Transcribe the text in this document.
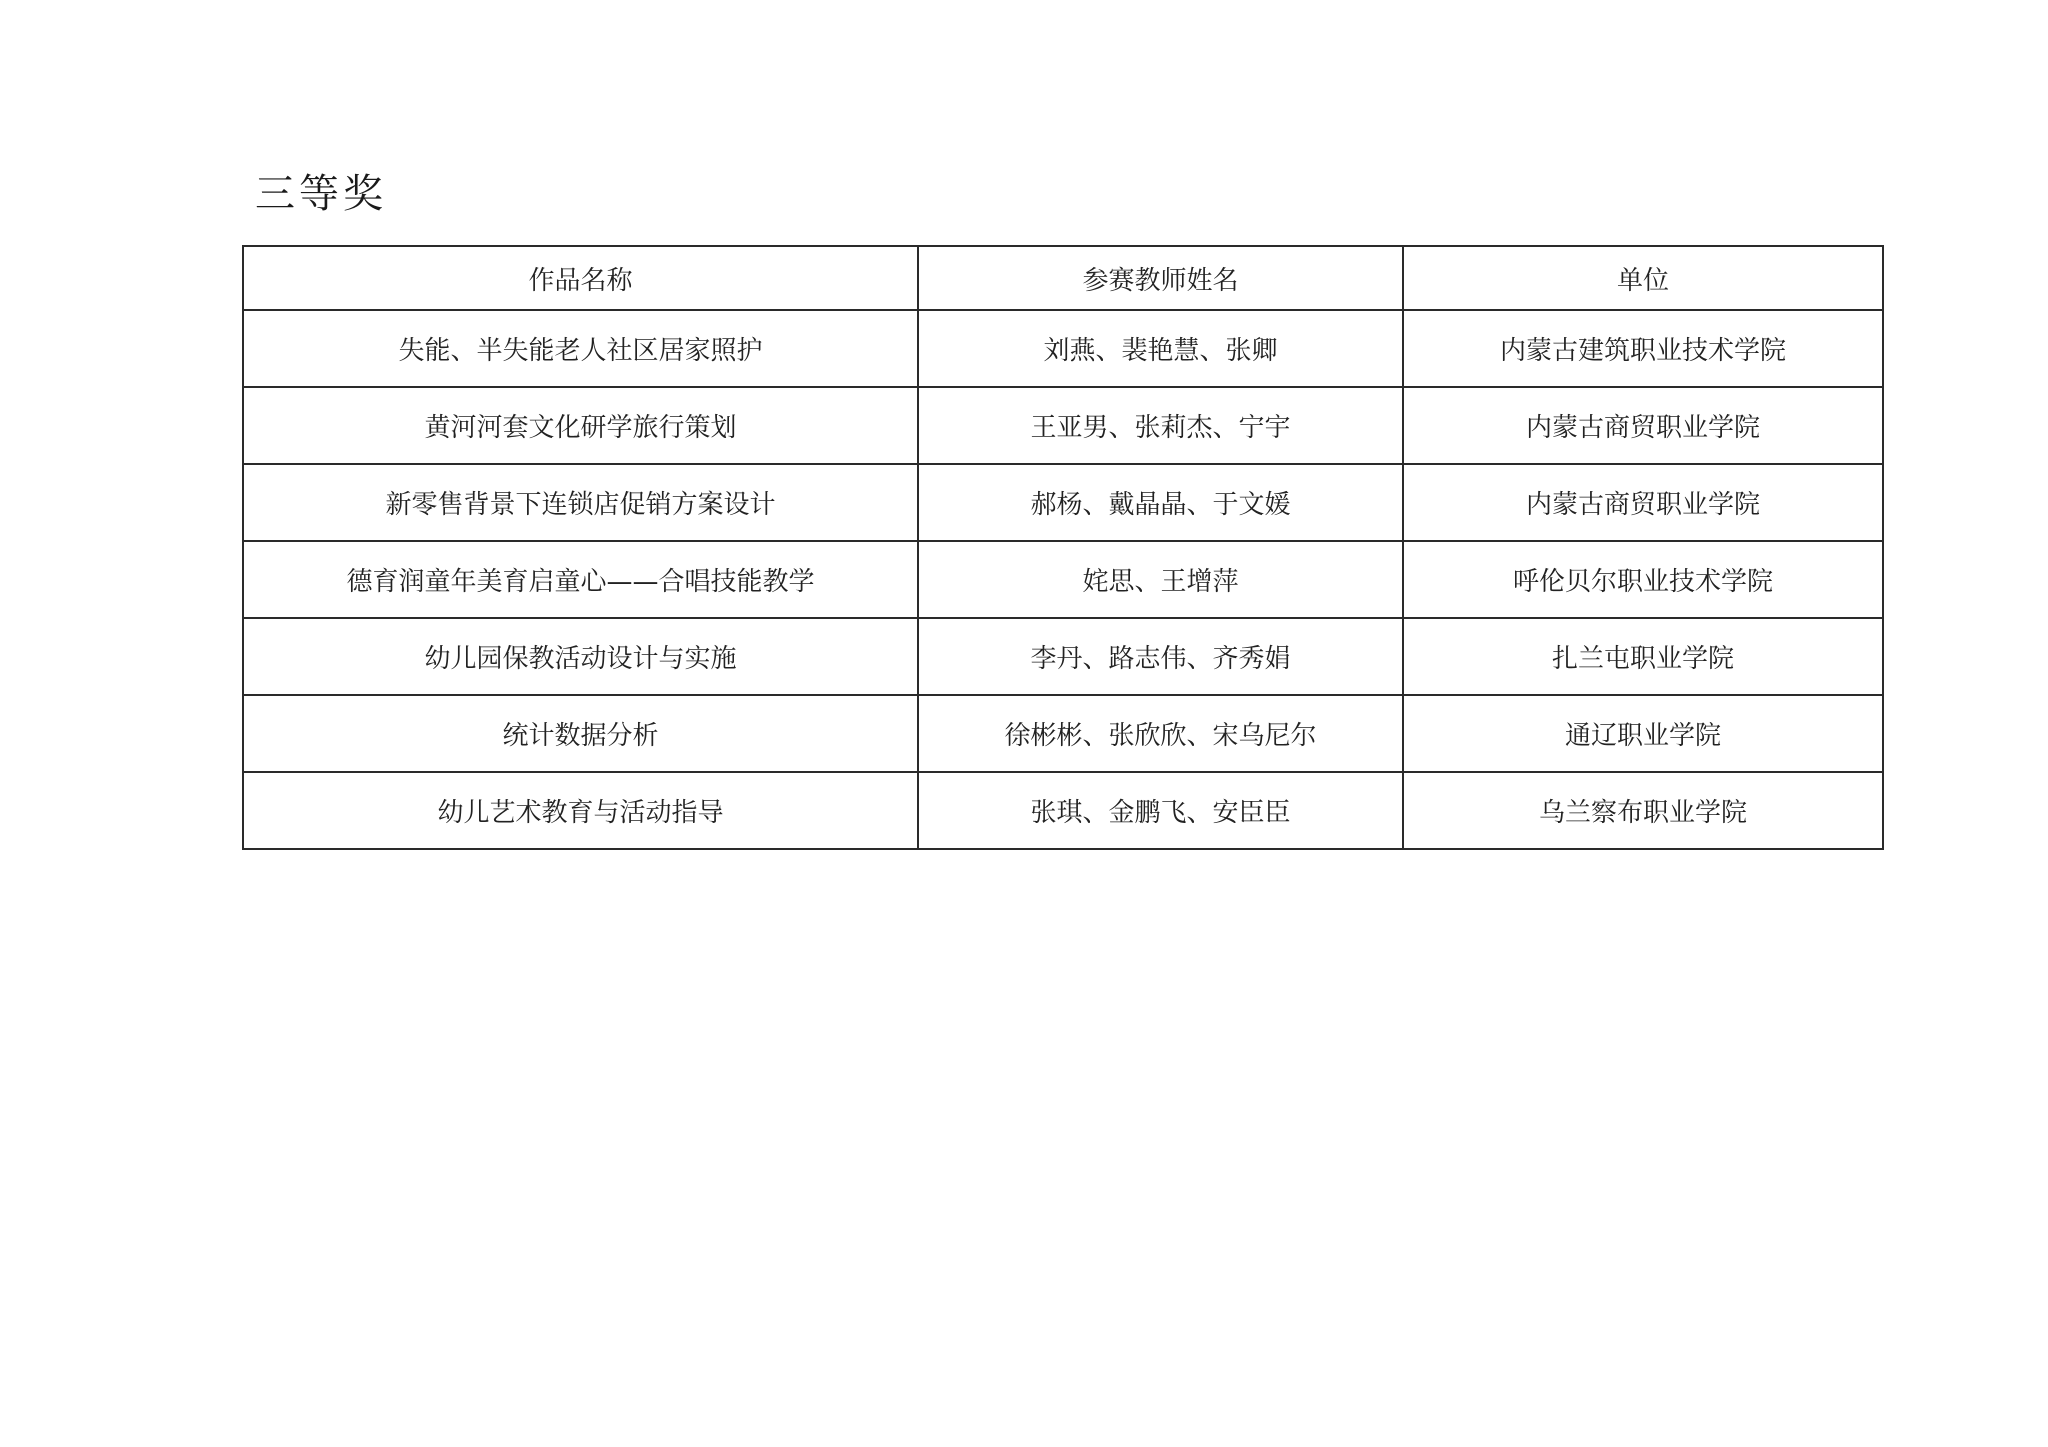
三等奖
作品名称	参赛教师姓名	单位
失能、半失能老人社区居家照护	刘燕、裴艳慧、张卿	内蒙古建筑职业技术学院
黄河河套文化研学旅行策划	王亚男、张莉杰、宁宇	内蒙古商贸职业学院
新零售背景下连锁店促销方案设计	郝杨、戴晶晶、于文媛	内蒙古商贸职业学院
德育润童年美育启童心——合唱技能教学	姹思、王增萍	呼伦贝尔职业技术学院
幼儿园保教活动设计与实施	李丹、路志伟、齐秀娟	扎兰屯职业学院
统计数据分析	徐彬彬、张欣欣、宋乌尼尔	通辽职业学院
幼儿艺术教育与活动指导	张琪、金鹏飞、安臣臣	乌兰察布职业学院
